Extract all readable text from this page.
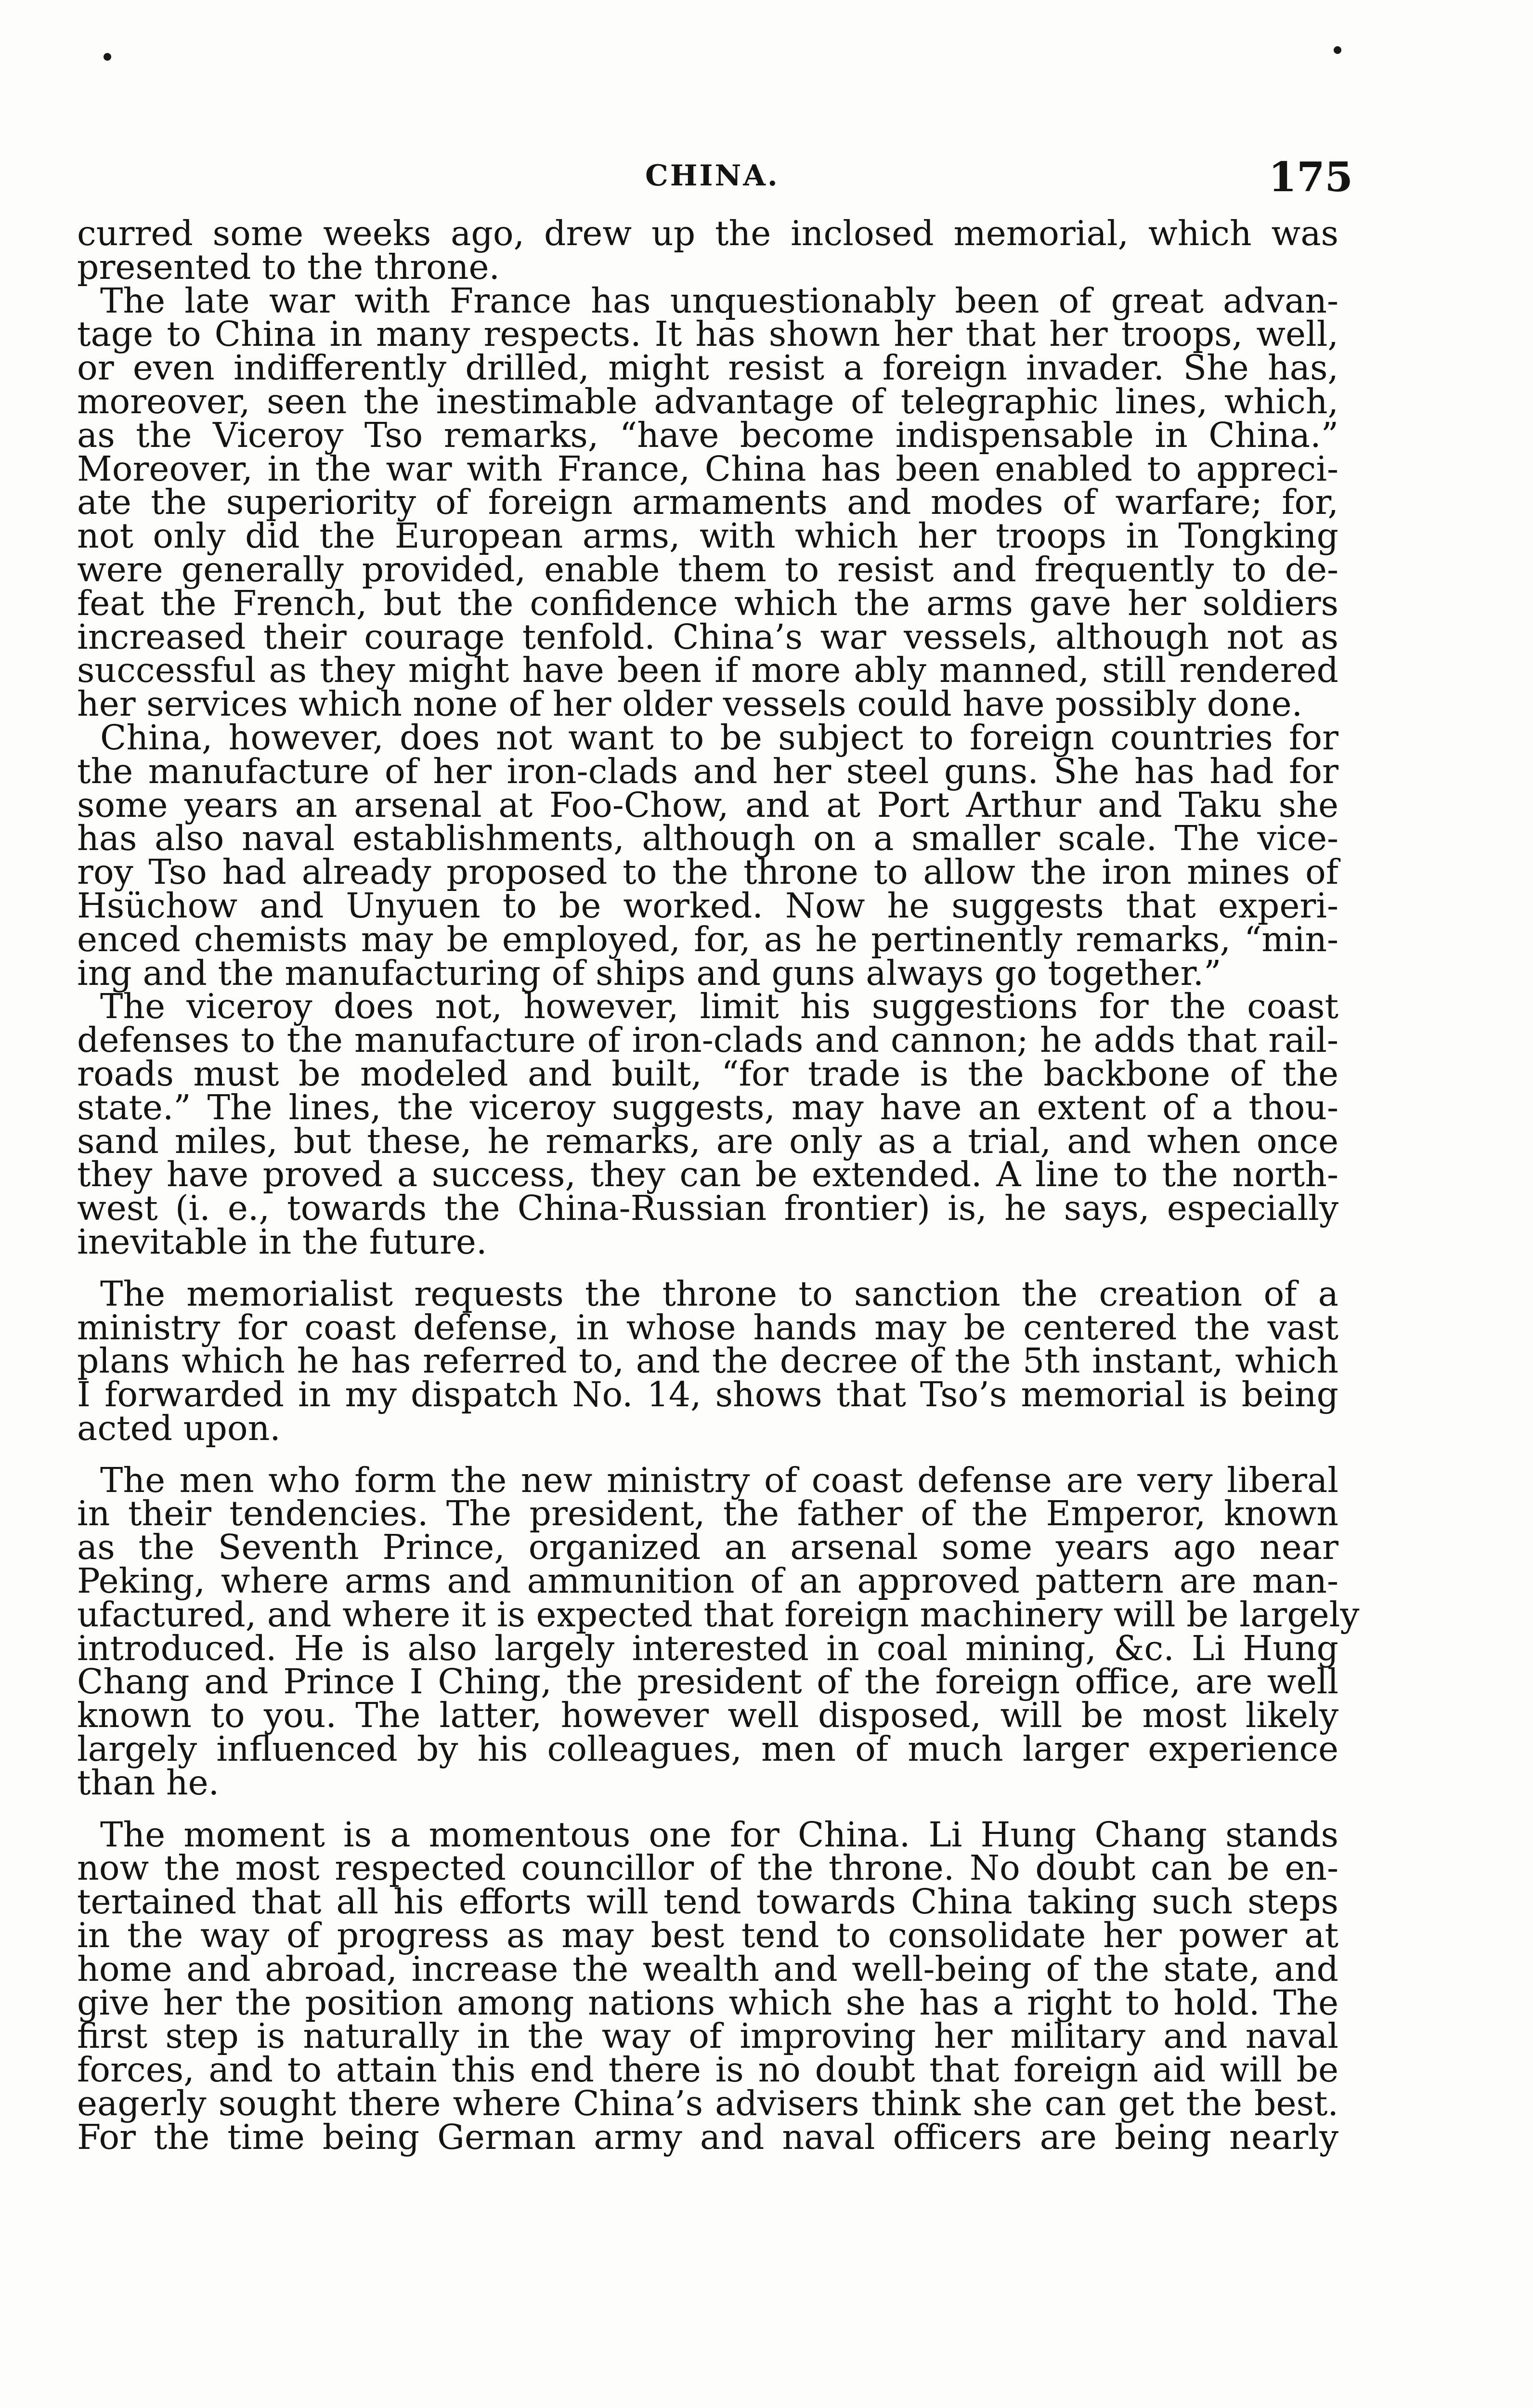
CHINA.	175
curred some weeks ago, drew up the inclosed memorial, which was
presented to the throne.
The late war with France has unquestionably been of great advan-
tage to China in many respects. It has shown her that her troops, well,
or even indifferently drilled, might resist a foreign invader. She has,
moreover, seen the inestimable advantage of telegraphic lines, which,
as the Viceroy Tso remarks, “have become indispensable in China.”
Moreover, in the war with France, China has been enabled to appreci-
ate the superiority of foreign armaments and modes of warfare; for,
not only did the European arms, with which her troops in Tongking
were generally provided, enable them to resist and frequently to de-
feat the French, but the confidence which the arms gave her soldiers
increased their courage tenfold. China’s war vessels, although not as
successful as they might have been if more ably manned, still rendered
her services which none of her older vessels could have possibly done.
China, however, does not want to be subject to foreign countries for
the manufacture of her iron-clads and her steel guns. She has had for
some years an arsenal at Foo-Chow, and at Port Arthur and Taku she
has also naval establishments, although on a smaller scale. The vice-
roy Tso had already proposed to the throne to allow the iron mines of
Hsüchow and Unyuen to be worked. Now he suggests that experi-
enced chemists may be employed, for, as he pertinently remarks, “min-
ing and the manufacturing of ships and guns always go together.”
The viceroy does not, however, limit his suggestions for the coast
defenses to the manufacture of iron-clads and cannon; he adds that rail-
roads must be modeled and built, “for trade is the backbone of the
state.” The lines, the viceroy suggests, may have an extent of a thou-
sand miles, but these, he remarks, are only as a trial, and when once
they have proved a success, they can be extended. A line to the north-
west (i. e., towards the China-Russian frontier) is, he says, especially
inevitable in the future.
The memorialist requests the throne to sanction the creation of a
ministry for coast defense, in whose hands may be centered the vast
plans which he has referred to, and the decree of the 5th instant, which
I forwarded in my dispatch No. 14, shows that Tso’s memorial is being
acted upon.
The men who form the new ministry of coast defense are very liberal
in their tendencies. The president, the father of the Emperor, known
as the Seventh Prince, organized an arsenal some years ago near
Peking, where arms and ammunition of an approved pattern are man-
ufactured, and where it is expected that foreign machinery will be largely
introduced. He is also largely interested in coal mining, &c. Li Hung
Chang and Prince I Ching, the president of the foreign office, are well
known to you. The latter, however well disposed, will be most likely
largely influenced by his colleagues, men of much larger experience
than he.
The moment is a momentous one for China. Li Hung Chang stands
now the most respected councillor of the throne. No doubt can be en-
tertained that all his efforts will tend towards China taking such steps
in the way of progress as may best tend to consolidate her power at
home and abroad, increase the wealth and well-being of the state, and
give her the position among nations which she has a right to hold. The
first step is naturally in the way of improving her military and naval
forces, and to attain this end there is no doubt that foreign aid will be
eagerly sought there where China’s advisers think she can get the best.
For the time being German army and naval officers are being nearly
